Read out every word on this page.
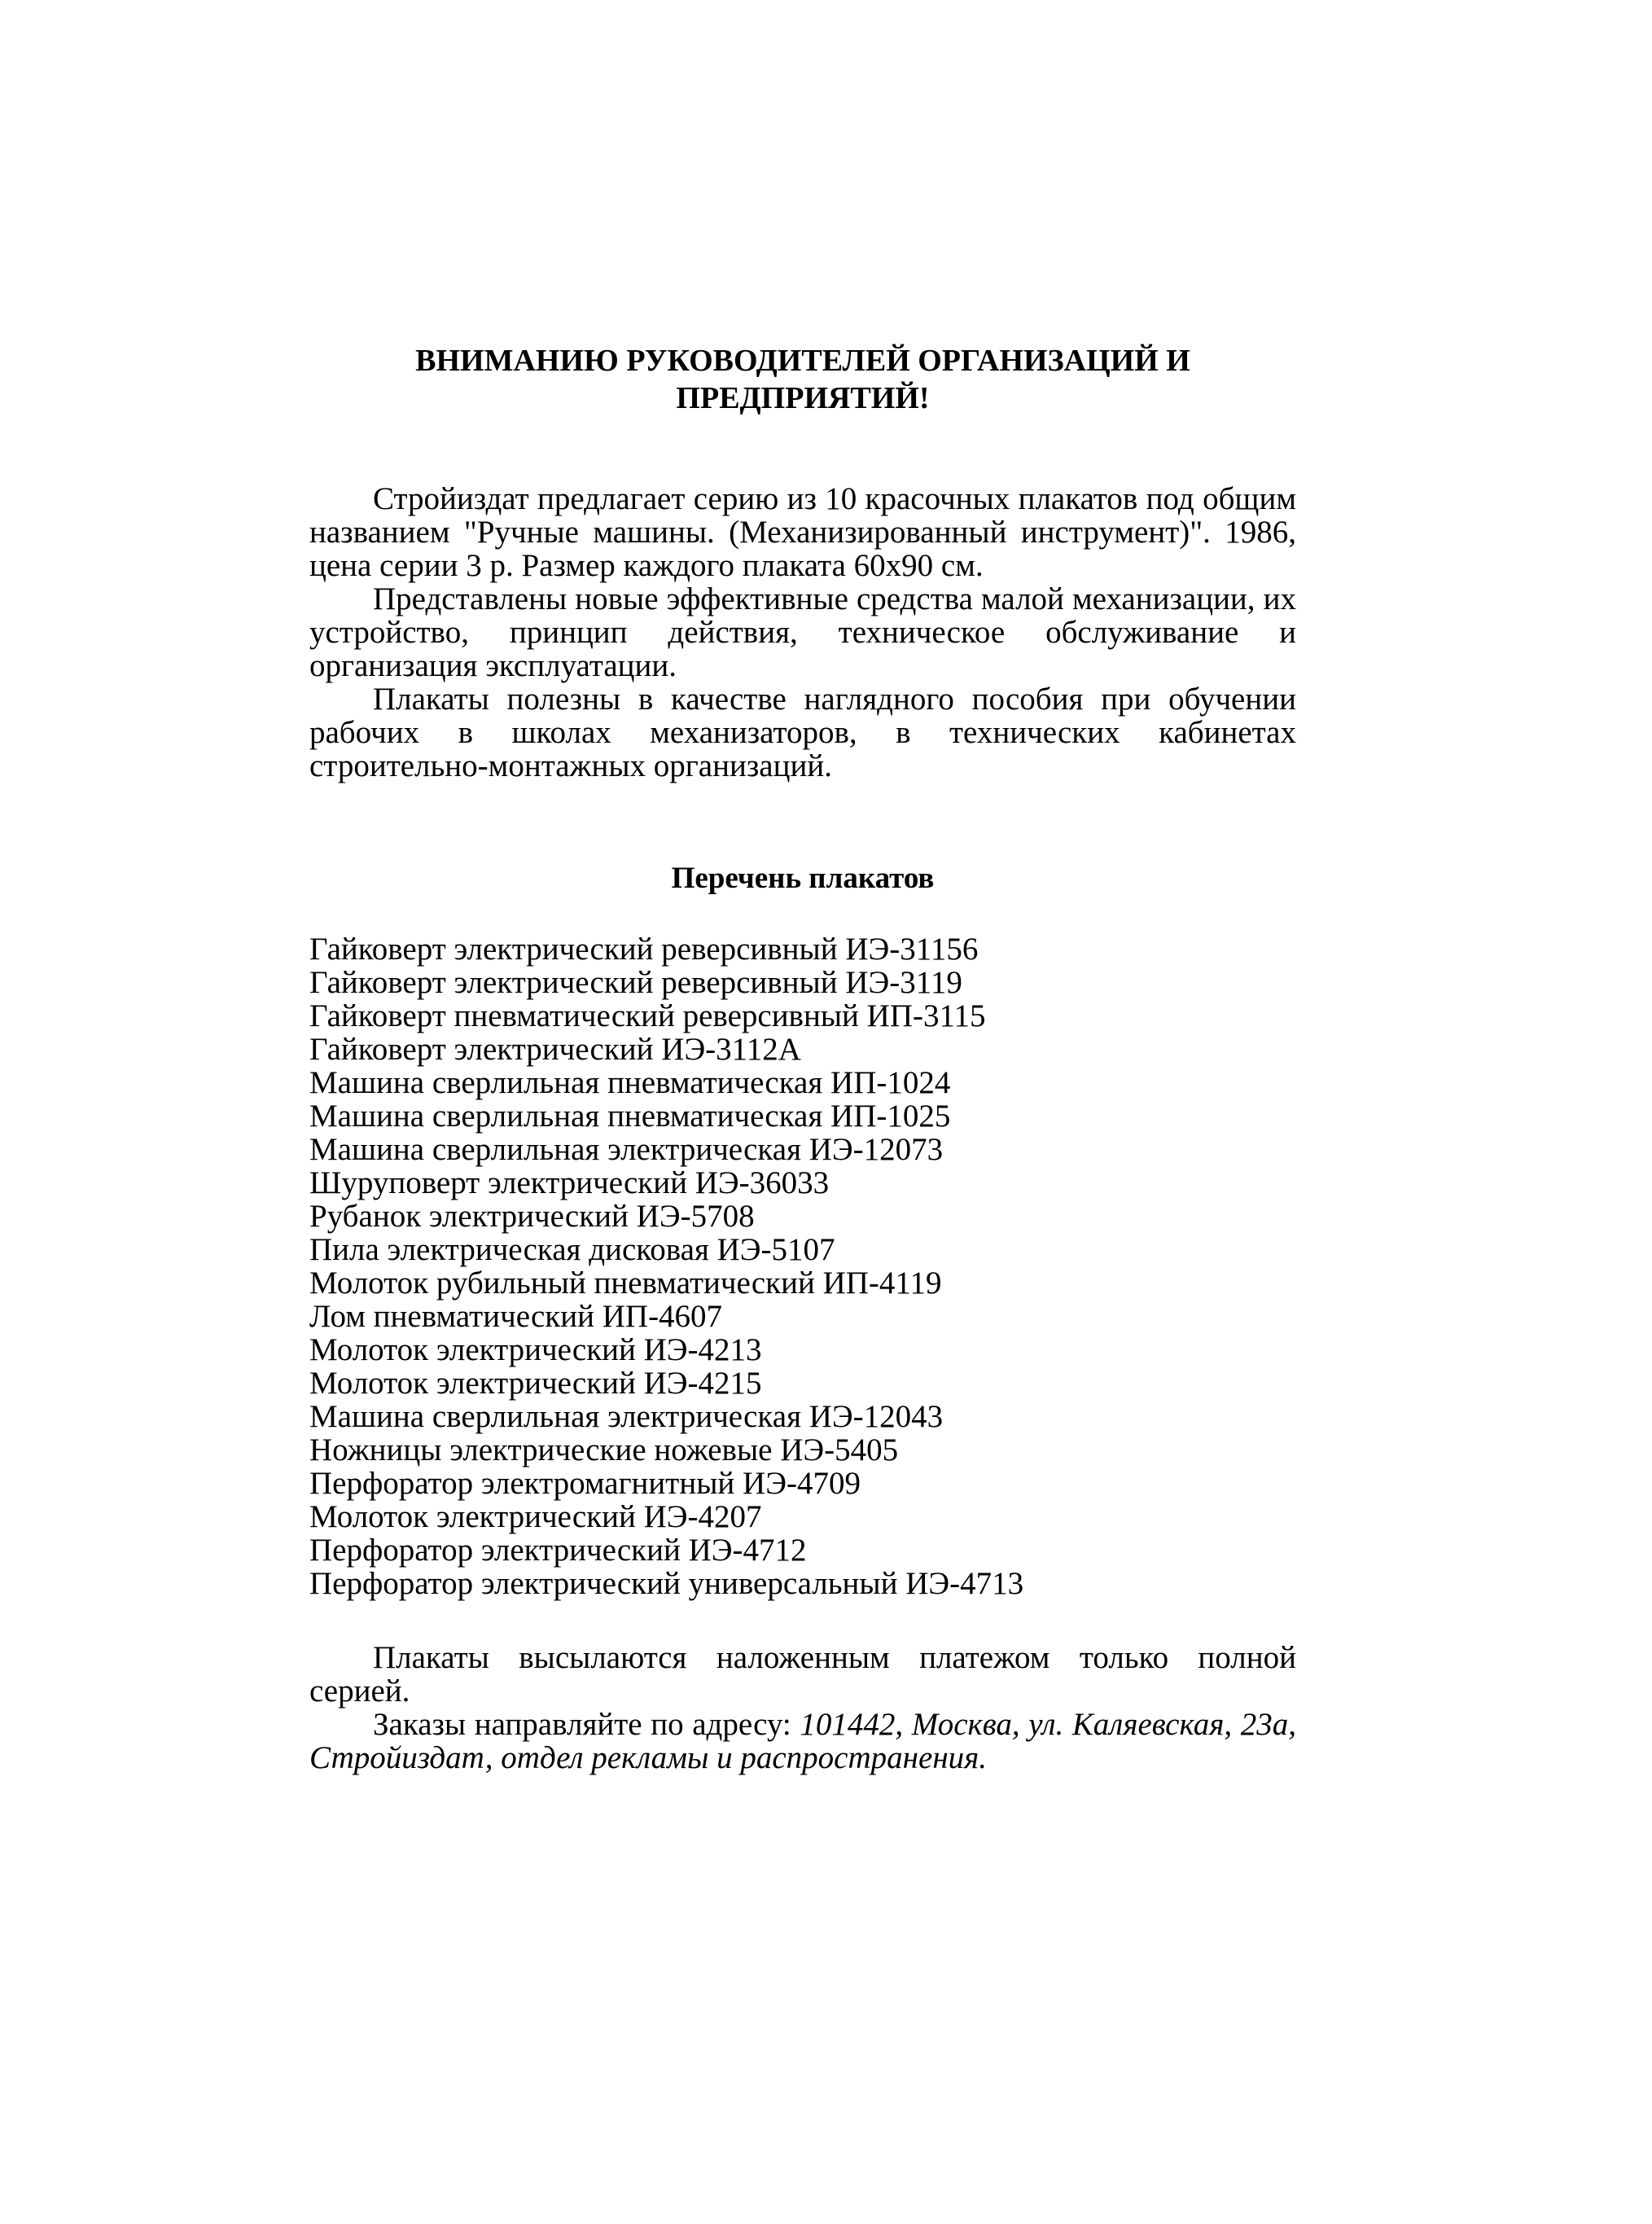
ВНИМАНИЮ РУКОВОДИТЕЛЕЙ ОРГАНИЗАЦИЙ И
ПРЕДПРИЯТИЙ!

Стройиздат предлагает серию из 10 красочных плакатов под общим названием "Ручные машины. (Механизированный инструмент)". 1986, цена серии 3 р. Размер каждого плаката 60x90 см.

Представлены новые эффективные средства малой механизации, их устройство, принцип действия, техническое обслуживание и организация эксплуатации.

Плакаты полезны в качестве наглядного пособия при обучении рабочих в школах механизаторов, в технических кабинетах строительно-монтажных организаций.

Перечень плакатов
Гайковерт электрический реверсивный ИЭ-31156
Гайковерт электрический реверсивный ИЭ-3119
Гайковерт пневматический реверсивный ИП-3115
Гайковерт электрический ИЭ-3112А
Машина сверлильная пневматическая ИП-1024
Машина сверлильная пневматическая ИП-1025
Машина сверлильная электрическая ИЭ-12073
Шуруповерт электрический ИЭ-36033
Рубанок электрический ИЭ-5708
Пила электрическая дисковая ИЭ-5107
Молоток рубильный пневматический ИП-4119
Лом пневматический ИП-4607
Молоток электрический ИЭ-4213
Молоток электрический ИЭ-4215
Машина сверлильная электрическая ИЭ-12043
Ножницы электрические ножевые ИЭ-5405
Перфоратор электромагнитный ИЭ-4709
Молоток электрический ИЭ-4207
Перфоратор электрический ИЭ-4712
Перфоратор электрический универсальный ИЭ-4713

Плакаты высылаются наложенным платежом только полной серией.

Заказы направляйте по адресу: 101442, Москва, ул. Каляевская, 23а, Стройиздат, отдел рекламы и распространения.
